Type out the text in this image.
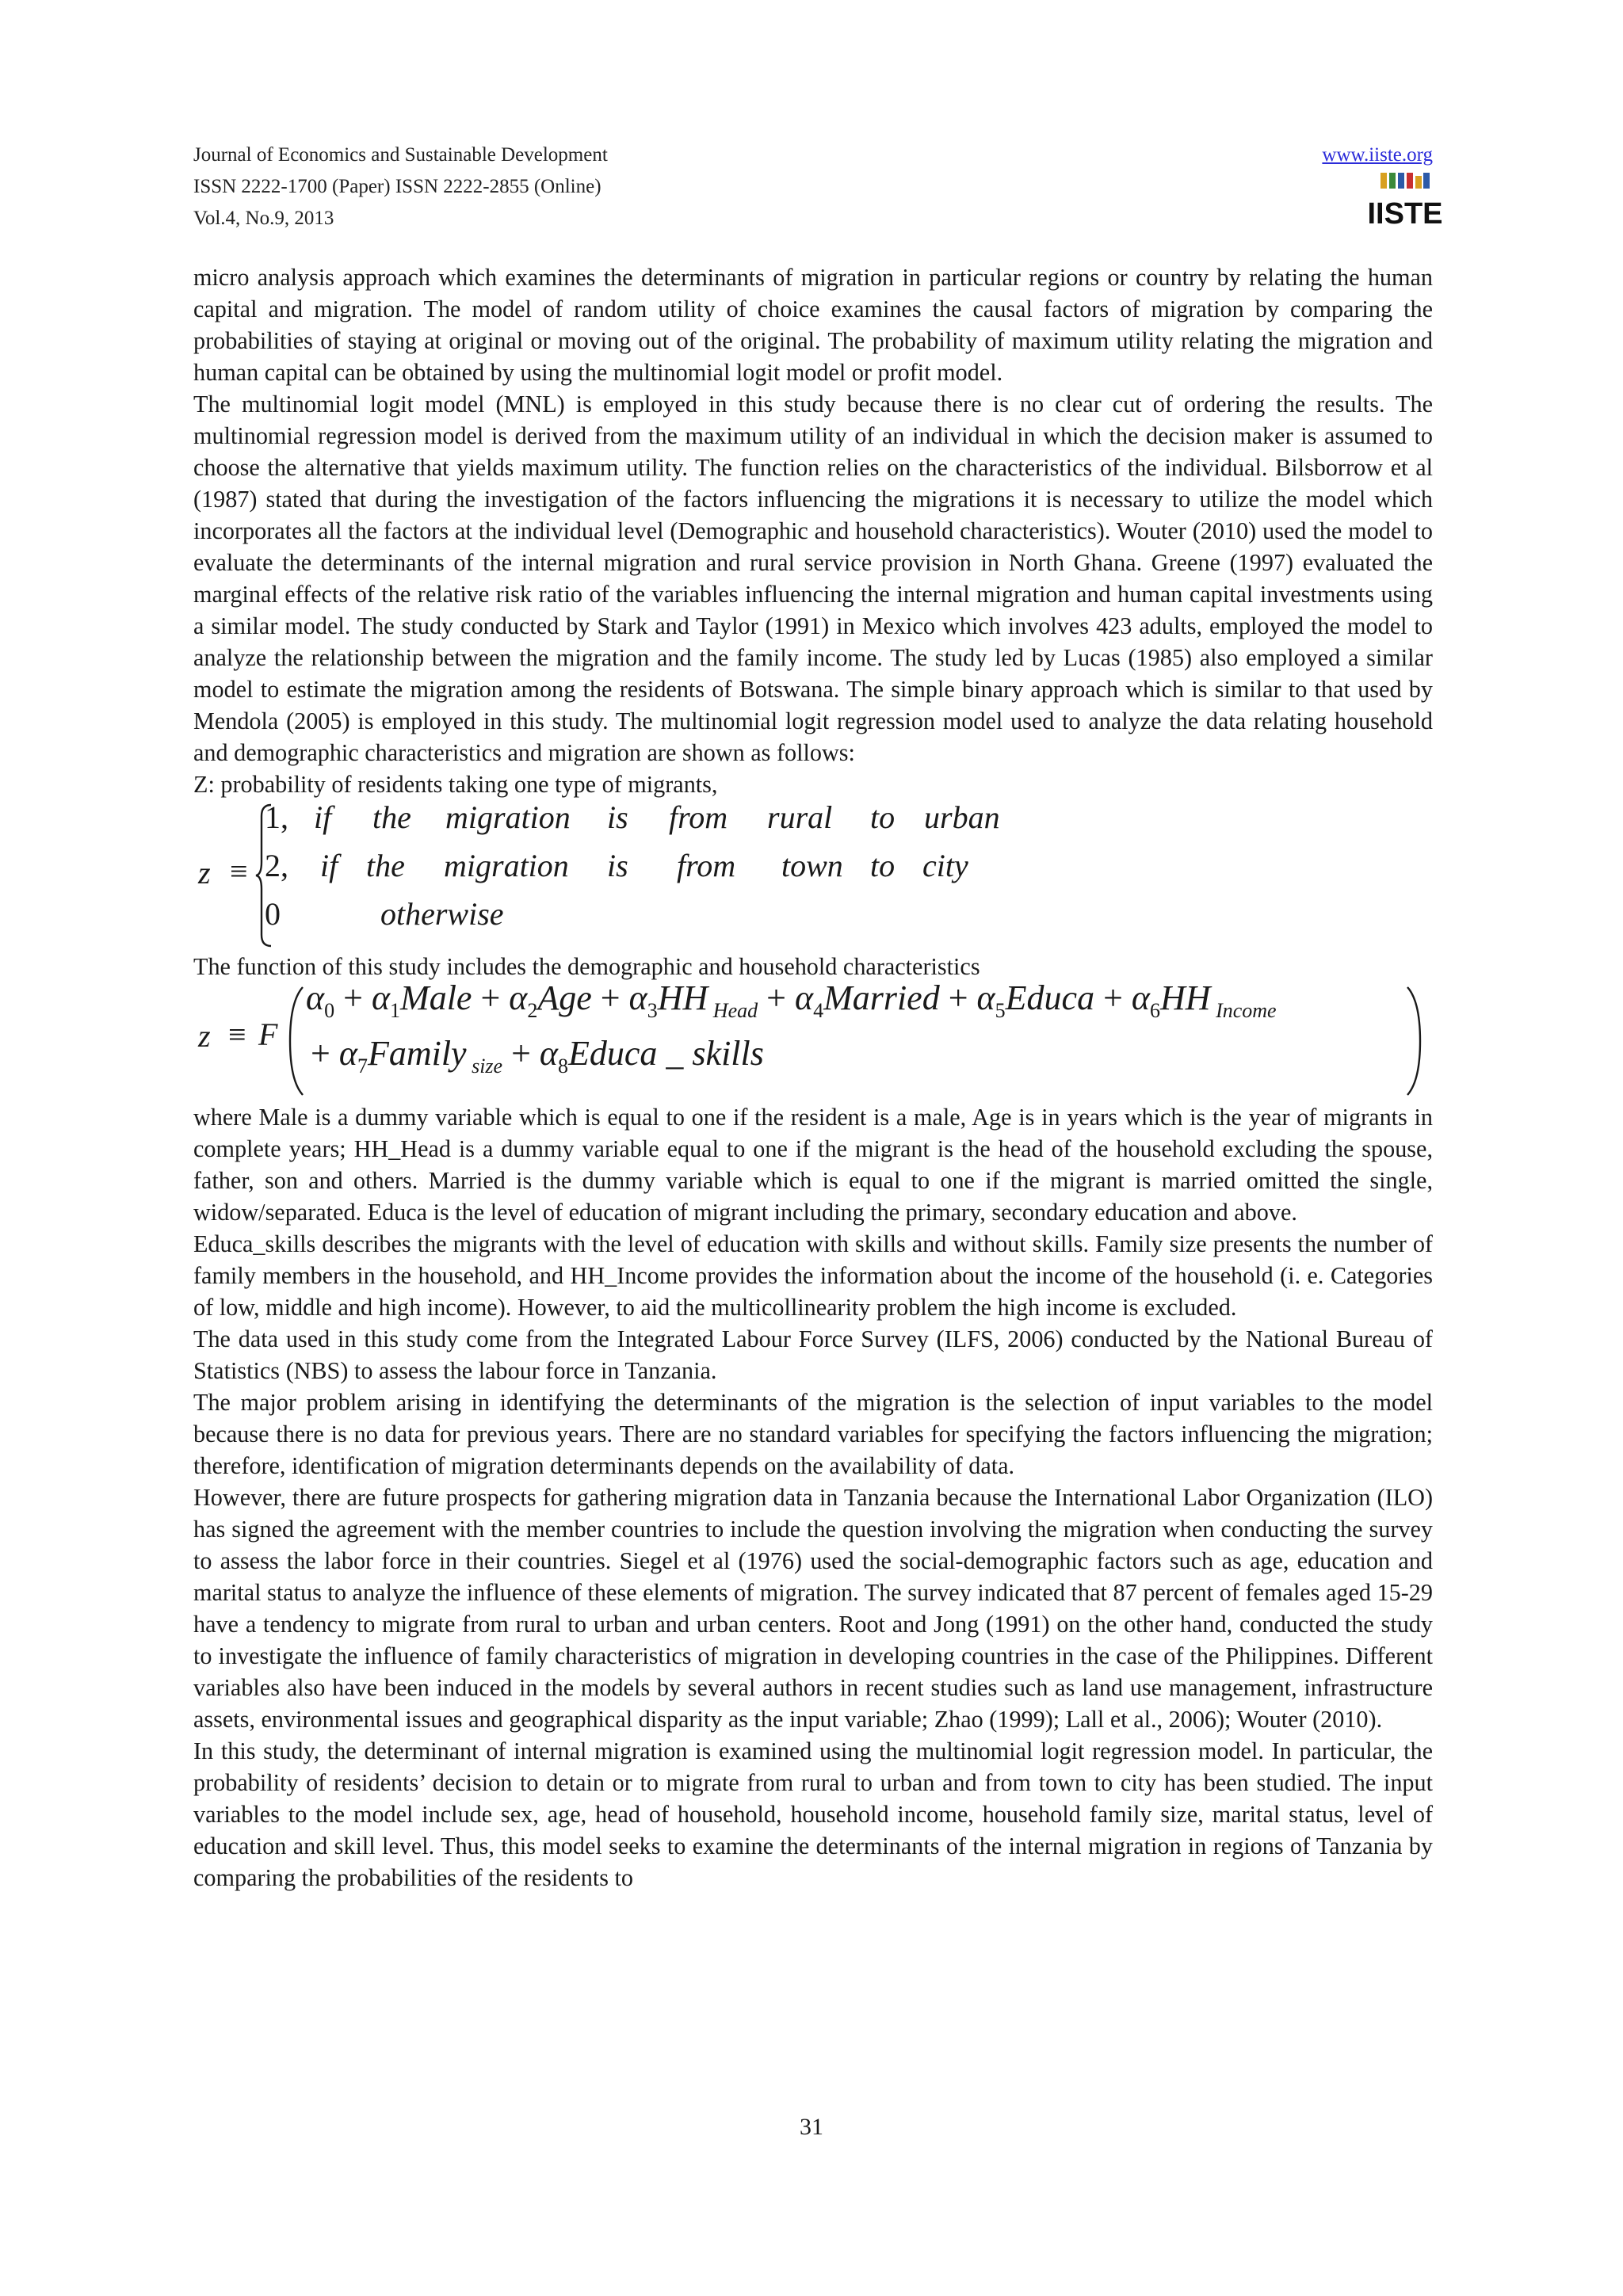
Journal of Economics and Sustainable Development
ISSN 2222-1700 (Paper) ISSN 2222-2855 (Online)
Vol.4, No.9, 2013
www.iiste.org
IISTE

micro analysis approach which examines the determinants of migration in particular regions or country by relating the human capital and migration. The model of random utility of choice examines the causal factors of migration by comparing the probabilities of staying at original or moving out of the original. The probability of maximum utility relating the migration and human capital can be obtained by using the multinomial logit model or profit model.

The multinomial logit model (MNL) is employed in this study because there is no clear cut of ordering the results. The multinomial regression model is derived from the maximum utility of an individual in which the decision maker is assumed to choose the alternative that yields maximum utility. The function relies on the characteristics of the individual. Bilsborrow et al (1987) stated that during the investigation of the factors influencing the migrations it is necessary to utilize the model which incorporates all the factors at the individual level (Demographic and household characteristics). Wouter (2010) used the model to evaluate the determinants of the internal migration and rural service provision in North Ghana. Greene (1997) evaluated the marginal effects of the relative risk ratio of the variables influencing the internal migration and human capital investments using a similar model. The study conducted by Stark and Taylor (1991) in Mexico which involves 423 adults, employed the model to analyze the relationship between the migration and the family income. The study led by Lucas (1985) also employed a similar model to estimate the migration among the residents of Botswana. The simple binary approach which is similar to that used by Mendola (2005) is employed in this study. The multinomial logit regression model used to analyze the data relating household and demographic characteristics and migration are shown as follows:

Z: probability of residents taking one type of migrants,

z ≡
1, if the migration is from rural to urban
2, if the migration is from town to city
0	otherwise

The function of this study includes the demographic and household characteristics

z ≡ F
$\alpha_0$ + $\alpha_1Male + \alpha_2Age + \alpha_3HH$ $_{Head} + \alpha_4Married$ + $\alpha_5Educa + \alpha_6HH$ $_{Income}$
+ $\alpha_7Family$ $_{size} + \alpha_8Educa$ _ skills

where Male is a dummy variable which is equal to one if the resident is a male, Age is in years which is the year of migrants in complete years; HH_Head is a dummy variable equal to one if the migrant is the head of the household excluding the spouse, father, son and others. Married is the dummy variable which is equal to one if the migrant is married omitted the single, widow/separated. Educa is the level of education of migrant including the primary, secondary education and above.

Educa_skills describes the migrants with the level of education with skills and without skills. Family size presents the number of family members in the household, and HH_Income provides the information about the income of the household (i. e. Categories of low, middle and high income). However, to aid the multicollinearity problem the high income is excluded.

The data used in this study come from the Integrated Labour Force Survey (ILFS, 2006) conducted by the National Bureau of Statistics (NBS) to assess the labour force in Tanzania.

The major problem arising in identifying the determinants of the migration is the selection of input variables to the model because there is no data for previous years. There are no standard variables for specifying the factors influencing the migration; therefore, identification of migration determinants depends on the availability of data.

However, there are future prospects for gathering migration data in Tanzania because the International Labor Organization (ILO) has signed the agreement with the member countries to include the question involving the migration when conducting the survey to assess the labor force in their countries. Siegel et al (1976) used the social-demographic factors such as age, education and marital status to analyze the influence of these elements of migration. The survey indicated that 87 percent of females aged 15-29 have a tendency to migrate from rural to urban and urban centers. Root and Jong (1991) on the other hand, conducted the study to investigate the influence of family characteristics of migration in developing countries in the case of the Philippines. Different variables also have been induced in the models by several authors in recent studies such as land use management, infrastructure assets, environmental issues and geographical disparity as the input variable; Zhao (1999); Lall et al., 2006); Wouter (2010).

In this study, the determinant of internal migration is examined using the multinomial logit regression model. In particular, the probability of residents’ decision to detain or to migrate from rural to urban and from town to city has been studied. The input variables to the model include sex, age, head of household, household income, household family size, marital status, level of education and skill level. Thus, this model seeks to examine the determinants of the internal migration in regions of Tanzania by comparing the probabilities of the residents to

31
